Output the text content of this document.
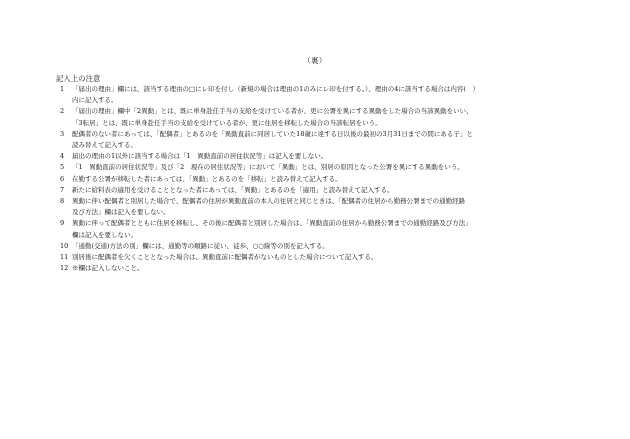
（裏）
記入上の注意
1	「届出の理由」欄には、該当する理由の□にレ印を付し（新規の場合は理由の1のみにレ印を付する。）、理由の4に該当する場合は内容(　）
内に記入する。
2	「届出の理由」欄中「2異動」とは、既に単身赴任手当の支給を受けている者が、更に公署を異にする異動をした場合の当該異動をいい、
「3転居」とは、既に単身赴任手当の支給を受けている者が、更に住居を移転した場合の当該転居をいう。
3	配偶者のない者にあっては、「配偶者」とあるのを「異動直前に同居していた18歳に達する日以後の最初の3月31日までの間にある子」と
読み替えて記入する。
4	届出の理由の1以外に該当する場合は「1　異動直前の居住状況等」は記入を要しない。
5	「1　異動直前の居住状況等」及び「2　現在の居住状況等」において「異動」とは、別居の原因となった公署を異にする異動をいう。
6	在勤する公署が移転した者にあっては、「異動」とあるのを「移転」と読み替えて記入する。
7	新たに給料表の適用を受けることとなった者にあっては、「異動」とあるのを「適用」と読み替えて記入する。
8	異動に伴い配偶者と別居した場合で、配偶者の住居が異動直前の本人の住居と同じときは、「配偶者の住居から勤務公署までの通勤経路
及び方法」欄は記入を要しない。
9	異動に伴って配偶者とともに住居を移転し、その後に配偶者と別居した場合は、「異動直前の住居から勤務公署までの通勤経路及び方法」
欄は記入を要しない。
10 「通勤(交通)方法の別」欄には、通勤等の順路に従い、徒歩、○○線等の別を記入する。
11 別居後に配偶者を欠くこととなった場合は、異動直前に配偶者がないものとした場合について記入する。
12 ※欄は記入しないこと。
